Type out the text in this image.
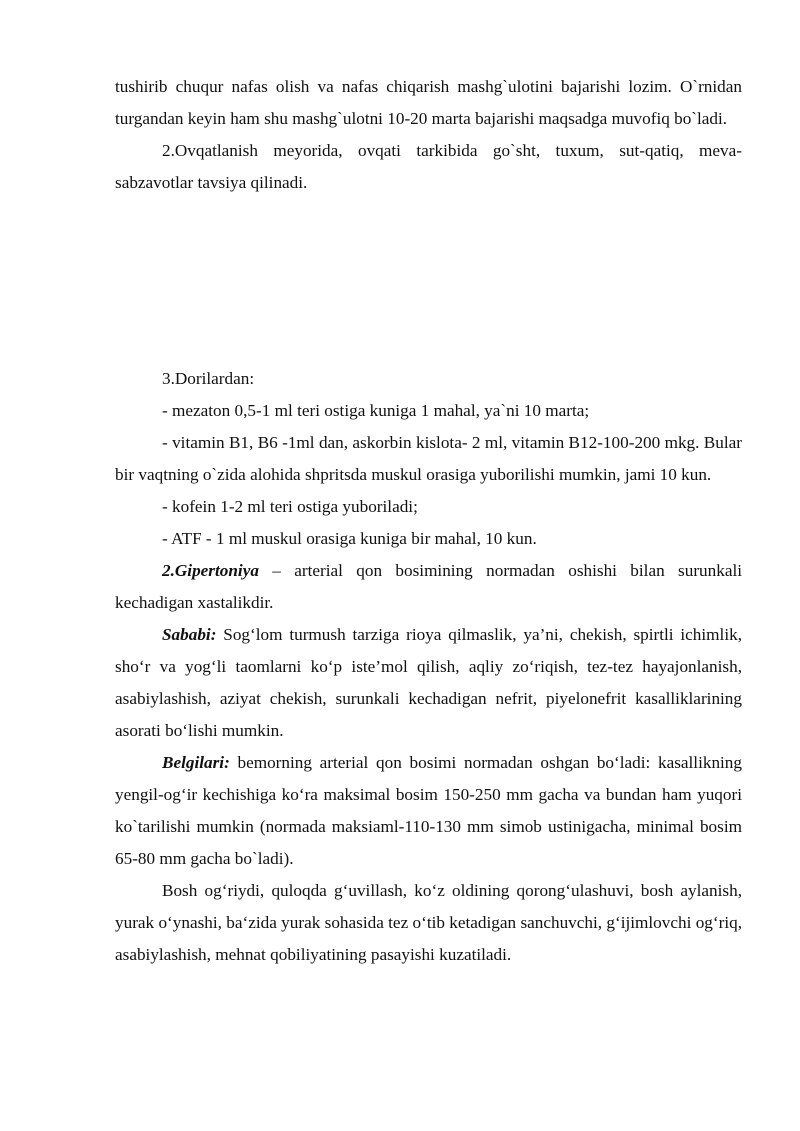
tushirib chuqur nafas olish va nafas chiqarish mashg`ulotini bajarishi lozim. O`rnidan turgandan keyin ham shu mashg`ulotni 10-20 marta bajarishi maqsadga muvofiq bo`ladi.

2.Ovqatlanish meyorida, ovqati tarkibida go`sht, tuxum, sut-qatiq, meva-sabzavotlar tavsiya qilinadi.

3.Dorilardan:

- mezaton 0,5-1 ml teri ostiga kuniga 1 mahal, ya`ni 10 marta;

- vitamin B1, B6 -1ml dan, askorbin kislota- 2 ml, vitamin B12-100-200 mkg. Bular bir vaqtning o`zida alohida shpritsda muskul orasiga yuborilishi mumkin, jami 10 kun.

- kofein 1-2 ml teri ostiga yuboriladi;

- ATF - 1 ml muskul orasiga kuniga bir mahal, 10 kun.

2.Gipertoniya – arterial qon bosimining normadan oshishi bilan surunkali kechadigan xastalikdir.

Sababi: Sog‘lom turmush tarziga rioya qilmaslik, ya’ni, chekish, spirtli ichimlik, sho‘r va yog‘li taomlarni ko‘p iste’mol qilish, aqliy zo‘riqish, tez-tez hayajonlanish, asabiylashish, aziyat chekish, surunkali kechadigan nefrit, piyelonefrit kasalliklarining asorati bo‘lishi mumkin.

Belgilari: bemorning arterial qon bosimi normadan oshgan bo‘ladi: kasallikning yengil-og‘ir kechishiga ko‘ra maksimal bosim 150-250 mm gacha va bundan ham yuqori ko`tarilishi mumkin (normada maksiaml-110-130 mm simob ustinigacha, minimal bosim 65-80 mm gacha bo`ladi).

Bosh og‘riydi, quloqda g‘uvillash, ko‘z oldining qorong‘ulashuvi, bosh aylanish, yurak o‘ynashi, ba‘zida yurak sohasida tez o‘tib ketadigan sanchuvchi, g‘ijimlovchi og‘riq, asabiylashish, mehnat qobiliyatining pasayishi kuzatiladi.
